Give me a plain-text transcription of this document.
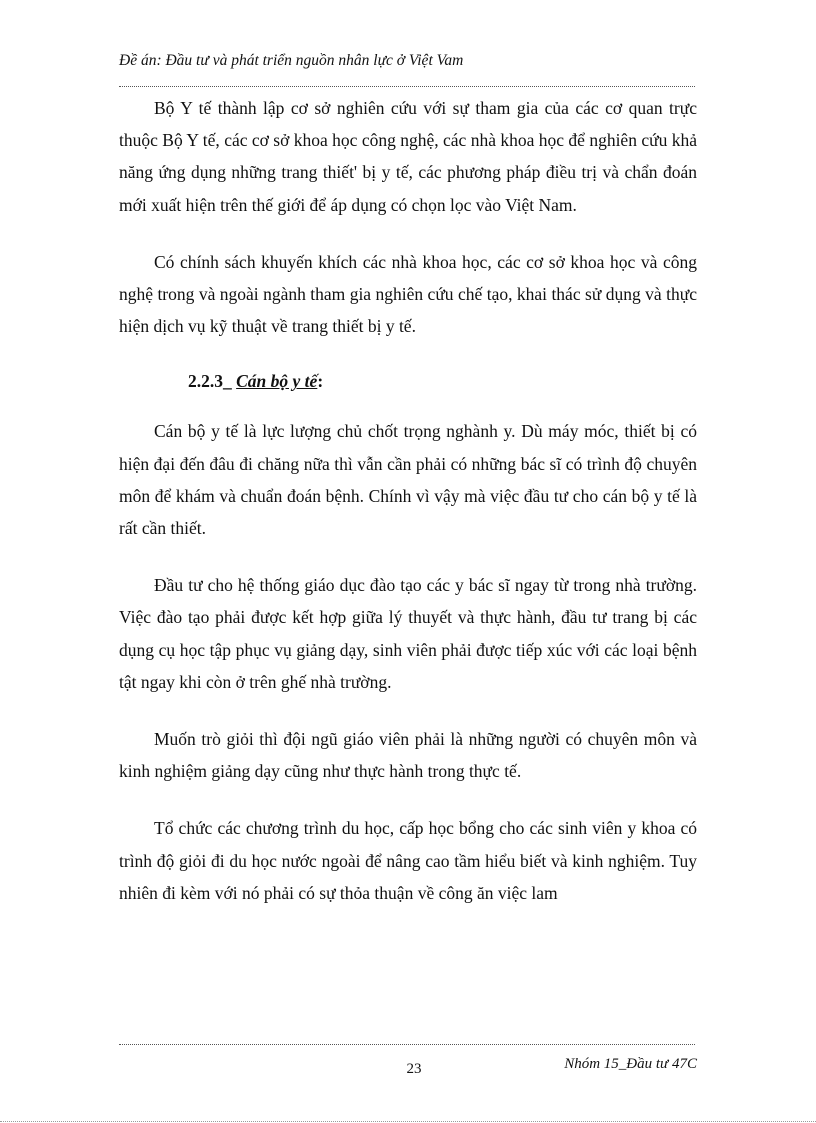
Đề án: Đầu tư và phát triển nguồn nhân lực ở Việt Vam

Bộ Y tế thành lập cơ sở nghiên cứu với sự tham gia của các cơ quan trực thuộc Bộ Y tế, các cơ sở khoa học công nghệ, các nhà khoa học để nghiên cứu khả năng ứng dụng những trang thiết' bị y tế, các phương pháp điều trị và chẩn đoán mới xuất hiện trên thế giới để áp dụng có chọn lọc vào Việt Nam.

Có chính sách khuyến khích các nhà khoa học, các cơ sở khoa học và công nghệ trong và ngoài ngành tham gia nghiên cứu chế tạo, khai thác sử dụng và thực hiện dịch vụ kỹ thuật về trang thiết bị y tế.

2.2.3_ Cán bộ y tế:

Cán bộ y tế là lực lượng chủ chốt trọng nghành y. Dù máy móc, thiết bị có hiện đại đến đâu đi chăng nữa thì vẫn cần phải có những bác sĩ có trình độ chuyên môn để khám và chuẩn đoán bệnh. Chính vì vậy mà việc đầu tư cho cán bộ y tế là rất cần thiết.

Đầu tư cho hệ thống giáo dục đào tạo các y bác sĩ ngay từ trong nhà trường. Việc đào tạo phải được kết hợp giữa lý thuyết và thực hành, đầu tư trang bị các dụng cụ học tập phục vụ giảng dạy, sinh viên phải được tiếp xúc với các loại bệnh tật ngay khi còn ở trên ghế nhà trường.

Muốn trò giỏi thì đội ngũ giáo viên phải là những người có chuyên môn và kinh nghiệm giảng dạy cũng như thực hành trong thực tế.

Tổ chức các chương trình du học, cấp học bổng cho các sinh viên y khoa có trình độ giỏi đi du học nước ngoài để nâng cao tầm hiểu biết và kinh nghiệm. Tuy nhiên đi kèm với nó phải có sự thỏa thuận về công ăn việc lam

23	Nhóm 15_Đầu tư 47C
